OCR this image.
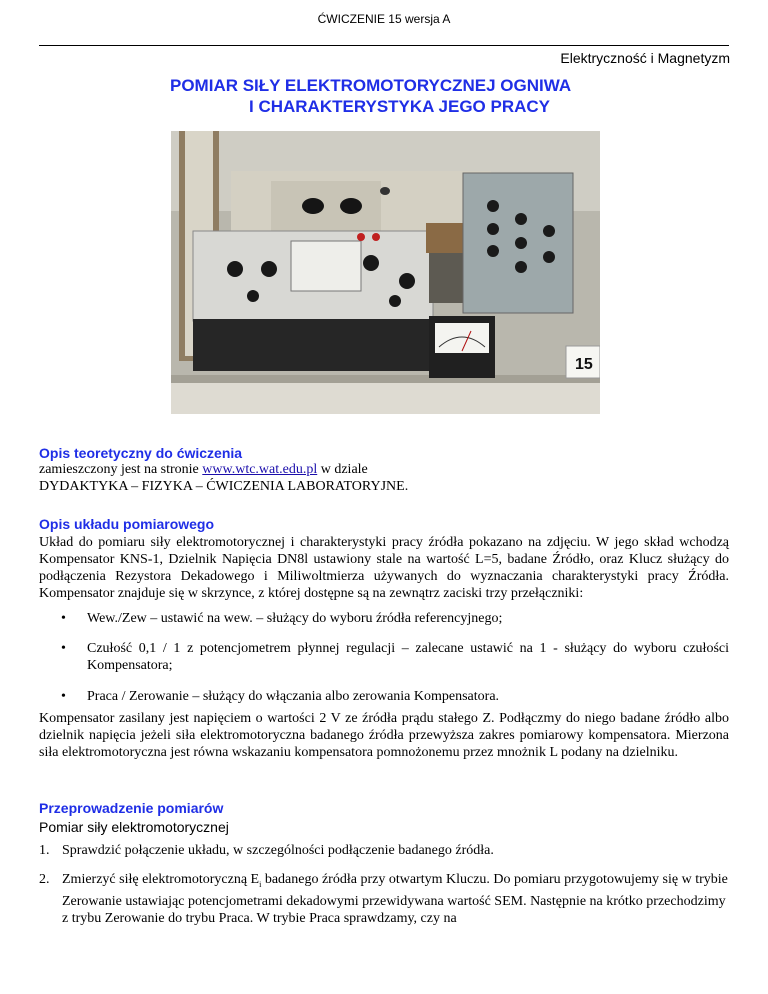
ĆWICZENIE 15 wersja A
Elektryczność i Magnetyzm
POMIAR SIŁY ELEKTROMOTORYCZNEJ OGNIWA
I CHARAKTERYSTYKA JEGO PRACY
15
Opis teoretyczny do ćwiczenia
zamieszczony jest na stronie www.wtc.wat.edu.pl w dziale
DYDAKTYKA – FIZYKA – ĆWICZENIA LABORATORYJNE.
Opis układu pomiarowego
Układ do pomiaru siły elektromotorycznej i charakterystyki pracy źródła pokazano na zdjęciu. W jego skład wchodzą Kompensator KNS-1, Dzielnik Napięcia DN8l ustawiony stale na wartość L=5, badane Źródło, oraz Klucz służący do podłączenia Rezystora Dekadowego i Miliwoltmierza używanych do wyznaczania charakterystyki pracy Źródła. Kompensator znajduje się w skrzynce, z której dostępne są na zewnątrz zaciski trzy przełączniki:
• Wew./Zew – ustawić na wew. – służący do wyboru źródła referencyjnego;
• Czułość 0,1 / 1 z potencjometrem płynnej regulacji – zalecane ustawić na 1 - służący do wyboru czułości Kompensatora;
• Praca / Zerowanie – służący do włączania albo zerowania Kompensatora.
Kompensator zasilany jest napięciem o wartości 2 V ze źródła prądu stałego Z. Podłączmy do niego badane źródło albo dzielnik napięcia jeżeli siła elektromotoryczna badanego źródła przewyższa zakres pomiarowy kompensatora. Mierzona siła elektromotoryczna jest równa wskazaniu kompensatora pomnożonemu przez mnożnik L podany na dzielniku.
Przeprowadzenie pomiarów
Pomiar siły elektromotorycznej
1. Sprawdzić połączenie układu, w szczególności podłączenie badanego źródła.
2. Zmierzyć siłę elektromotoryczną $E_i$ badanego źródła przy otwartym Kluczu. Do pomiaru przygotowujemy się w trybie Zerowanie ustawiając potencjometrami dekadowymi przewidywana wartość SEM. Następnie na krótko przechodzimy z trybu Zerowanie do trybu Praca. W trybie Praca sprawdzamy, czy na
